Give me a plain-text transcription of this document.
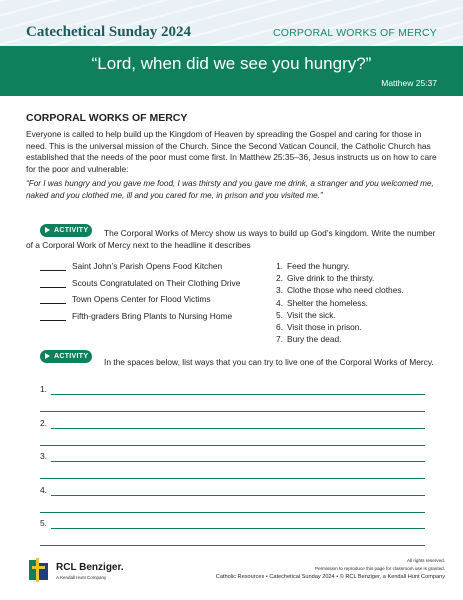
Catechetical Sunday 2024	CORPORAL WORKS OF MERCY
“Lord, when did we see you hungry?”
Matthew 25:37
CORPORAL WORKS OF MERCY

Everyone is called to help build up the Kingdom of Heaven by spreading the Gospel and caring for those in need. This is the universal mission of the Church. Since the Second Vatican Council, the Catholic Church has established that the needs of the poor must come first. In Matthew 25:35–36, Jesus instructs us on how to care for the poor and vulnerable:

“For I was hungry and you gave me food, I was thirsty and you gave me drink, a stranger and you welcomed me, naked and you clothed me, ill and you cared for me, in prison and you visited me.”

The Corporal Works of Mercy show us ways to build up God’s kingdom. Write the number of a Corporal Work of Mercy next to the headline it describes

ACTIVITY
Saint John’s Parish Opens Food Kitchen
Scouts Congratulated on Their Clothing Drive
Town Opens Center for Flood Victims
Fifth-graders Bring Plants to Nursing Home
1. Feed the hungry.
2. Give drink to the thirsty.
3. Clothe those who need clothes.
4. Shelter the homeless.
5. Visit the sick.
6. Visit those in prison.
7. Bury the dead.

In the spaces below, list ways that you can try to live one of the Corporal Works of Mercy.

ACTIVITY
1.
2.
3.
4.
5.
RCL Benziger.
A Kendall Hunt Company
All rights reserved.
Permission to reproduce this page for classroom use is granted.
Catholic Resources • Catechetical Sunday 2024 • © RCL Benziger, a Kendall Hunt Company
